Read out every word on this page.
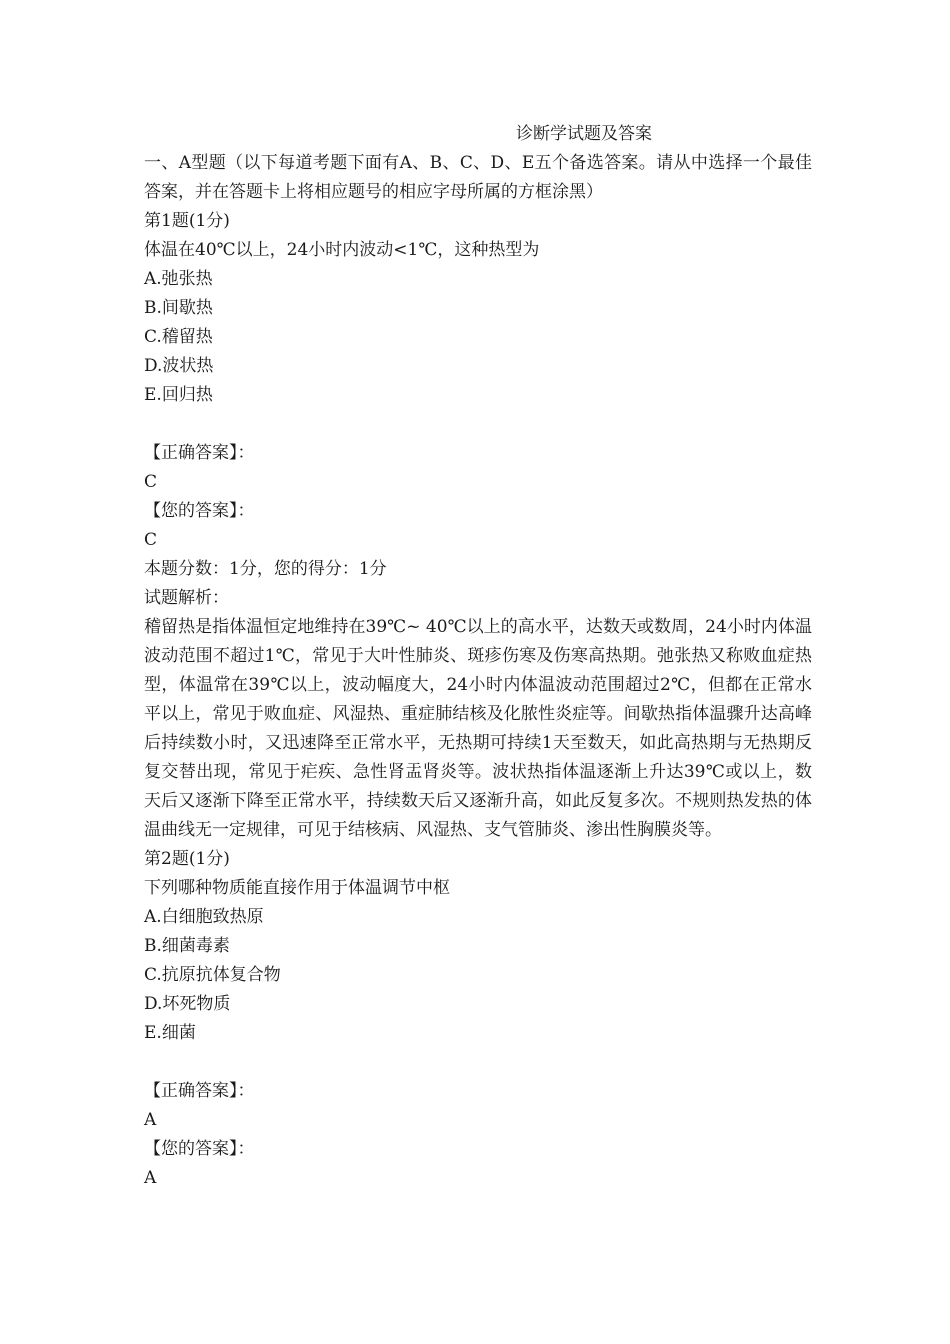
诊断学试题及答案
一、A型题（以下每道考题下面有A、B、C、D、E五个备选答案。请从中选择一个最佳答案，并在答题卡上将相应题号的相应字母所属的方框涂黑）
第1题(1分)
体温在40℃以上，24小时内波动<1℃，这种热型为
A.弛张热
B.间歇热
C.稽留热
D.波状热
E.回归热
【正确答案】：
C
【您的答案】：
C
本题分数：1分，您的得分：1分
试题解析：
稽留热是指体温恒定地维持在39℃~ 40℃以上的高水平，达数天或数周，24小时内体温波动范围不超过1℃，常见于大叶性肺炎、斑疹伤寒及伤寒高热期。弛张热又称败血症热型，体温常在39℃以上，波动幅度大，24小时内体温波动范围超过2℃，但都在正常水平以上，常见于败血症、风湿热、重症肺结核及化脓性炎症等。间歇热指体温骤升达高峰后持续数小时，又迅速降至正常水平，无热期可持续1天至数天，如此高热期与无热期反复交替出现，常见于疟疾、急性肾盂肾炎等。波状热指体温逐渐上升达39℃或以上，数天后又逐渐下降至正常水平，持续数天后又逐渐升高，如此反复多次。不规则热发热的体温曲线无一定规律，可见于结核病、风湿热、支气管肺炎、渗出性胸膜炎等。
第2题(1分)
下列哪种物质能直接作用于体温调节中枢
A.白细胞致热原
B.细菌毒素
C.抗原抗体复合物
D.坏死物质
E.细菌
【正确答案】：
A
【您的答案】：
A
